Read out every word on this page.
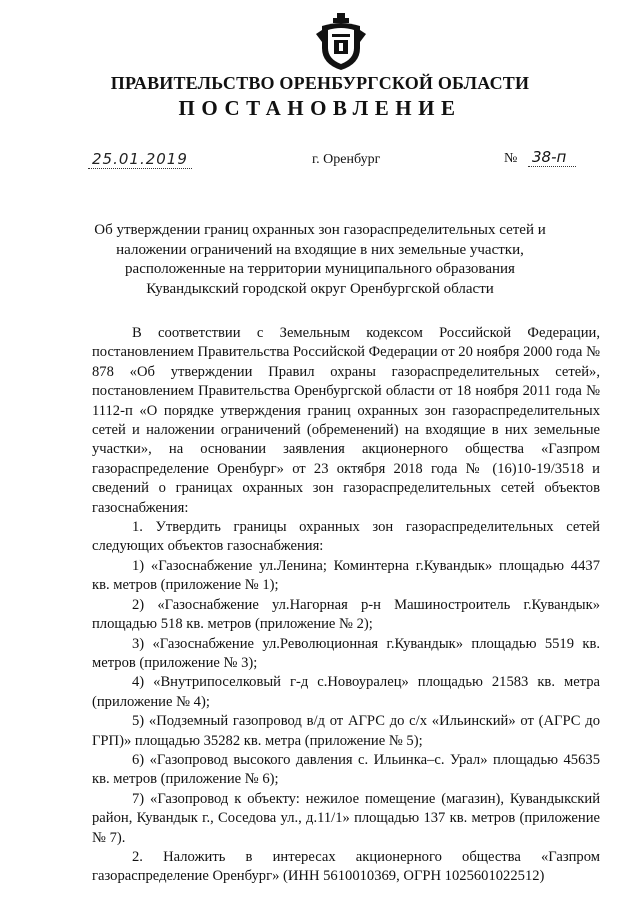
ПРАВИТЕЛЬСТВО ОРЕНБУРГСКОЙ ОБЛАСТИ
ПОСТАНОВЛЕНИЕ
25.01.2019	г. Оренбург	№ 38-п
Об утверждении границ охранных зон газораспределительных сетей и
наложении ограничений на входящие в них земельные участки,
расположенные на территории муниципального образования
Кувандыкский городской округ Оренбургской области

В соответствии с Земельным кодексом Российской Федерации, постановлением Правительства Российской Федерации от 20 ноября 2000 года № 878 «Об утверждении Правил охраны газораспределительных сетей», постановлением Правительства Оренбургской области от 18 ноября 2011 года № 1112-п «О порядке утверждения границ охранных зон газораспределительных сетей и наложении ограничений (обременений) на входящие в них земельные участки», на основании заявления акционерного общества «Газпром газораспределение Оренбург» от 23 октября 2018 года № (16)10-19/3518 и сведений о границах охранных зон газораспределительных сетей объектов газоснабжения:

1. Утвердить границы охранных зон газораспределительных сетей следующих объектов газоснабжения:

1) «Газоснабжение ул.Ленина; Коминтерна г.Кувандык» площадью 4437 кв. метров (приложение № 1);

2) «Газоснабжение ул.Нагорная р-н Машиностроитель г.Кувандык» площадью 518 кв. метров (приложение № 2);

3) «Газоснабжение ул.Революционная г.Кувандык» площадью 5519 кв. метров (приложение № 3);

4) «Внутрипоселковый г-д с.Новоуралец» площадью 21583 кв. метра (приложение № 4);

5) «Подземный газопровод в/д от АГРС до с/х «Ильинский» от (АГРС до ГРП)» площадью 35282 кв. метра (приложение № 5);

6) «Газопровод высокого давления с. Ильинка–с. Урал» площадью 45635 кв. метров (приложение № 6);

7) «Газопровод к объекту: нежилое помещение (магазин), Кувандыкский район, Кувандык г., Соседова ул., д.11/1» площадью 137 кв. метров (приложение № 7).

2. Наложить в интересах акционерного общества «Газпром газораспределение Оренбург» (ИНН 5610010369, ОГРН 1025601022512)
